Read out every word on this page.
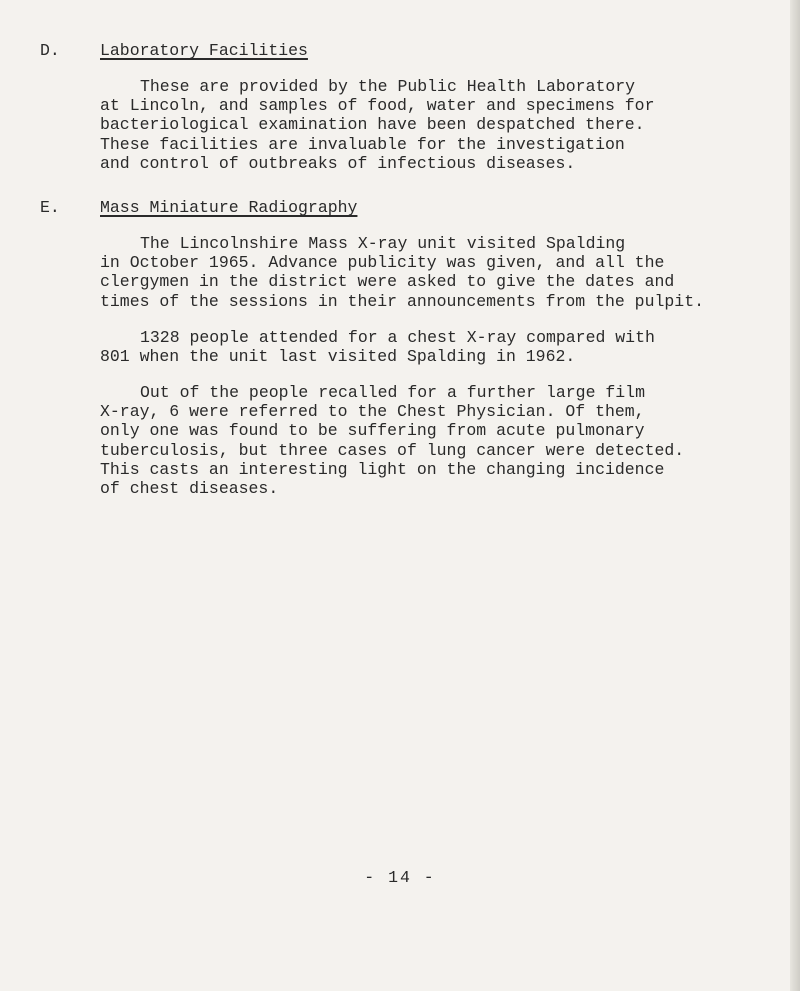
D.	Laboratory Facilities
These are provided by the Public Health Laboratory
at Lincoln, and samples of food, water and specimens for
bacteriological examination have been despatched there.
These facilities are invaluable for the investigation
and control of outbreaks of infectious diseases.
E.	Mass Miniature Radiography
The Lincolnshire Mass X-ray unit visited Spalding
in October 1965. Advance publicity was given, and all the
clergymen in the district were asked to give the dates and
times of the sessions in their announcements from the pulpit.
1328 people attended for a chest X-ray compared with
801 when the unit last visited Spalding in 1962.
Out of the people recalled for a further large film
X-ray, 6 were referred to the Chest Physician. Of them,
only one was found to be suffering from acute pulmonary
tuberculosis, but three cases of lung cancer were detected.
This casts an interesting light on the changing incidence
of chest diseases.
- 14 -
